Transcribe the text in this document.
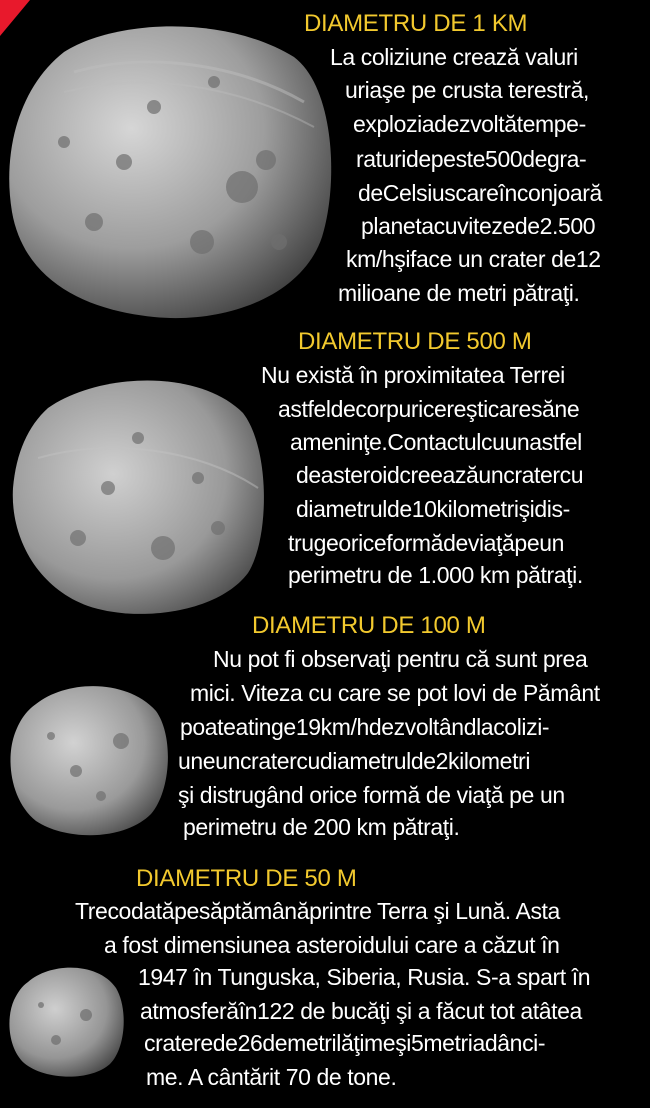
DIAMETRU DE 1 KM

La coliziune crează valuri

uriaşe pe crusta terestră,

exploziadezvoltătempe-

raturidepeste500degra-

deCelsiuscareînconjoară

planetacuvitezede2.500

km/hşiface un crater de12

milioane de metri pătraţi.

DIAMETRU DE 500 M

Nu există în proximitatea Terrei

astfeldecorpuricereşticaresăne

ameninţe.Contactulcuunastfel

deasteroidcreeazăuncratercu

diametrulde10kilometrişidis-

trugeoriceformădeviaţăpeun

perimetru de 1.000 km pătraţi.

DIAMETRU DE 100 M

Nu pot fi observaţi pentru că sunt prea

mici. Viteza cu care se pot lovi de Pământ

poateatinge19km/hdezvoltândlacolizi-

uneuncratercudiametrulde2kilometri

şi distrugând orice formă de viaţă pe un

perimetru de 200 km pătraţi.

DIAMETRU DE 50 M

Trecodatăpesăptămânăprintre Terra şi Lună. Asta

a fost dimensiunea asteroidului care a căzut în

1947 în Tunguska, Siberia, Rusia. S-a spart în

atmosferăîn122 de bucăţi şi a făcut tot atâtea

craterede26demetrilăţimeşi5metriadânci-

me. A cântărit 70 de tone.
